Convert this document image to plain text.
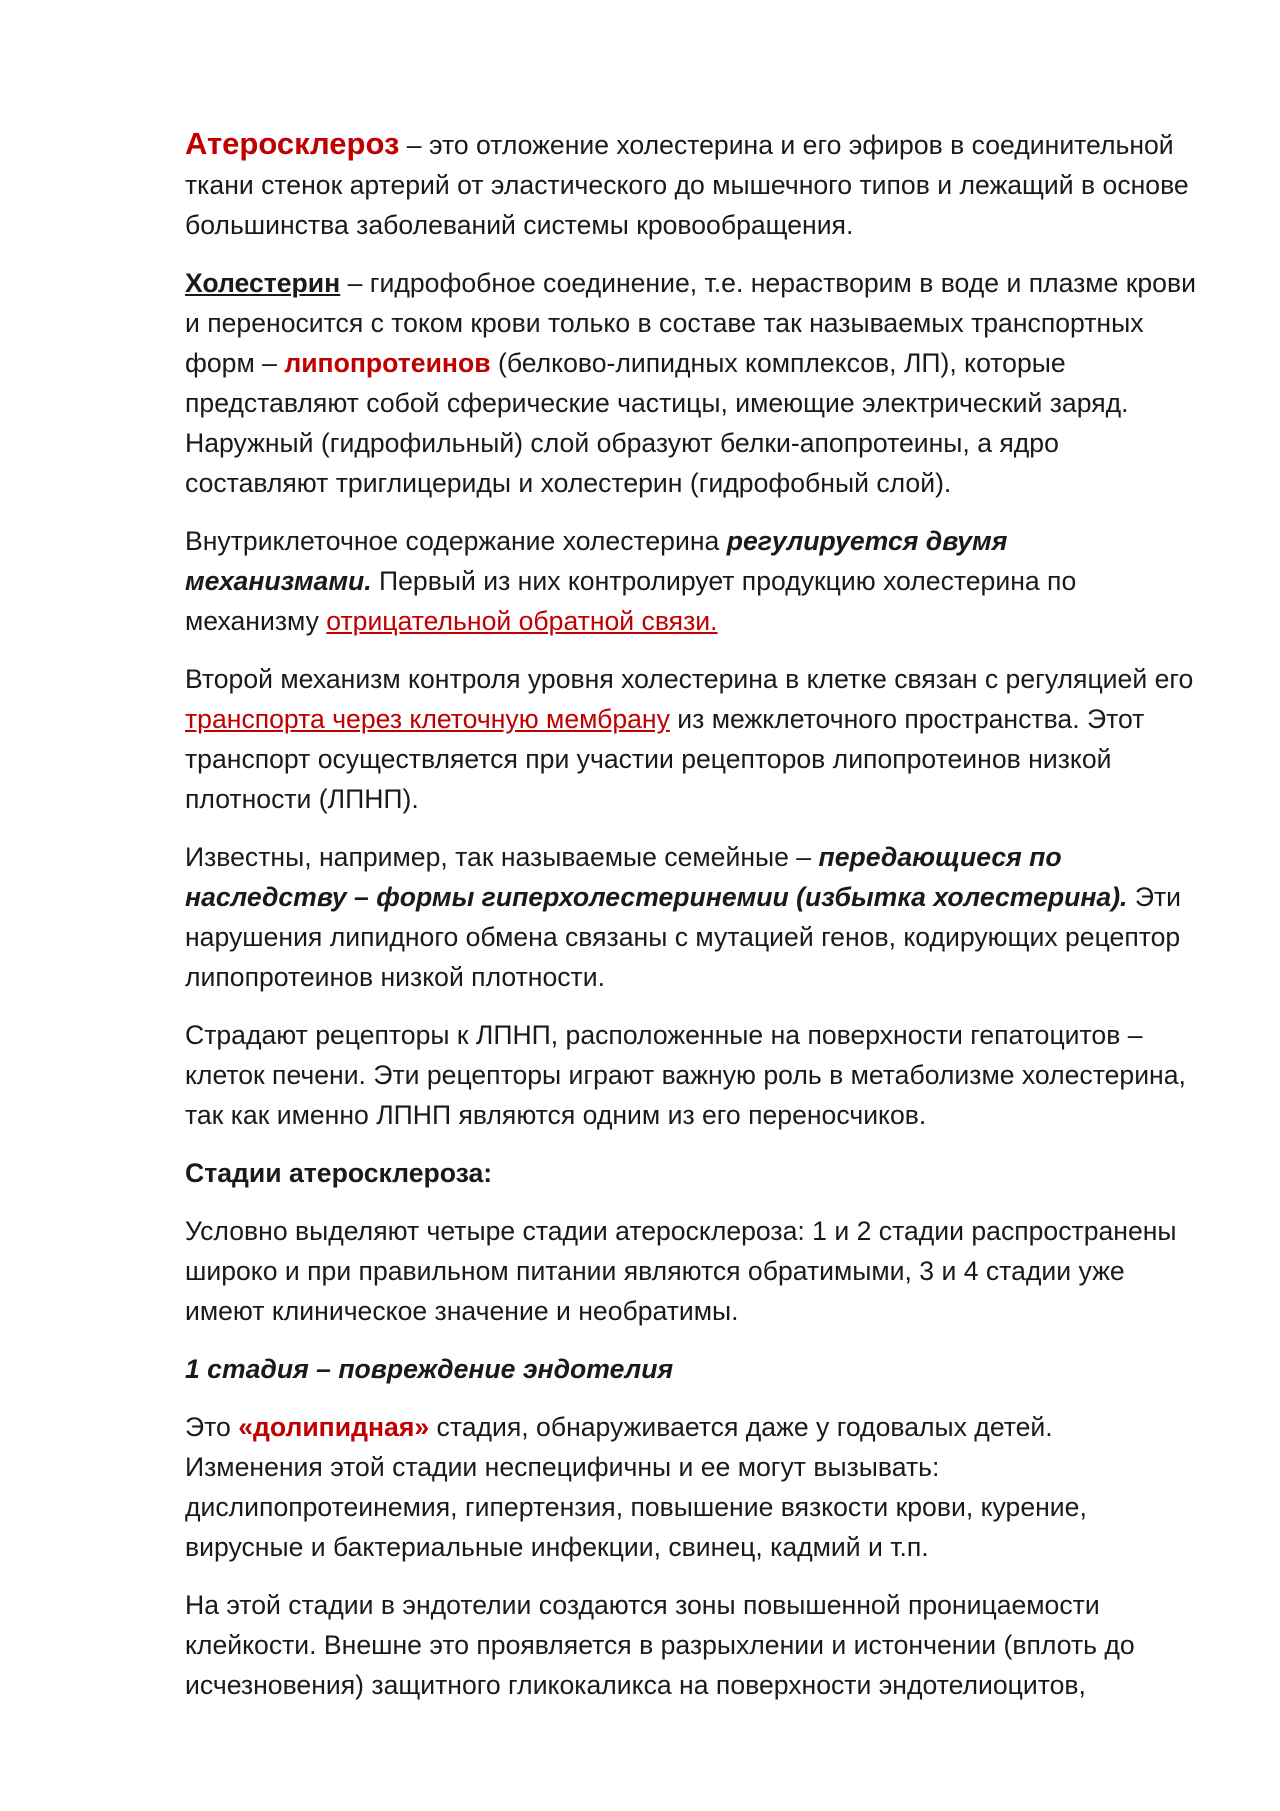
Атеросклероз – это отложение холестерина и его эфиров в соединительной ткани стенок артерий от эластического до мышечного типов и лежащий в основе большинства заболеваний системы кровообращения.

Холестерин – гидрофобное соединение, т.е. нерастворим в воде и плазме крови и переносится с током крови только в составе так называемых транспортных форм – липопротеинов (белково-липидных комплексов, ЛП), которые представляют собой сферические частицы, имеющие электрический заряд. Наружный (гидрофильный) слой образуют белки-апопротеины, а ядро составляют триглицериды и холестерин (гидрофобный слой).

Внутриклеточное содержание холестерина регулируется двумя механизмами. Первый из них контролирует продукцию холестерина по механизму отрицательной обратной связи.

Второй механизм контроля уровня холестерина в клетке связан с регуляцией его транспорта через клеточную мембрану из межклеточного пространства. Этот транспорт осуществляется при участии рецепторов липопротеинов низкой плотности (ЛПНП).

Известны, например, так называемые семейные – передающиеся по наследству – формы гиперхолестеринемии (избытка холестерина). Эти нарушения липидного обмена связаны с мутацией генов, кодирующих рецептор липопротеинов низкой плотности.

Страдают рецепторы к ЛПНП, расположенные на поверхности гепатоцитов – клеток печени. Эти рецепторы играют важную роль в метаболизме холестерина, так как именно ЛПНП являются одним из его переносчиков.

Стадии атеросклероза:

Условно выделяют четыре стадии атеросклероза: 1 и 2 стадии распространены широко и при правильном питании являются обратимыми, 3 и 4 стадии уже имеют клиническое значение и необратимы.

1 стадия – повреждение эндотелия

Это «долипидная» стадия, обнаруживается даже у годовалых детей. Изменения этой стадии неспецифичны и ее могут вызывать: дислипопротеинемия, гипертензия, повышение вязкости крови, курение, вирусные и бактериальные инфекции, свинец, кадмий и т.п.

На этой стадии в эндотелии создаются зоны повышенной проницаемости клейкости. Внешне это проявляется в разрыхлении и истончении (вплоть до исчезновения) защитного гликокаликса на поверхности эндотелиоцитов,
